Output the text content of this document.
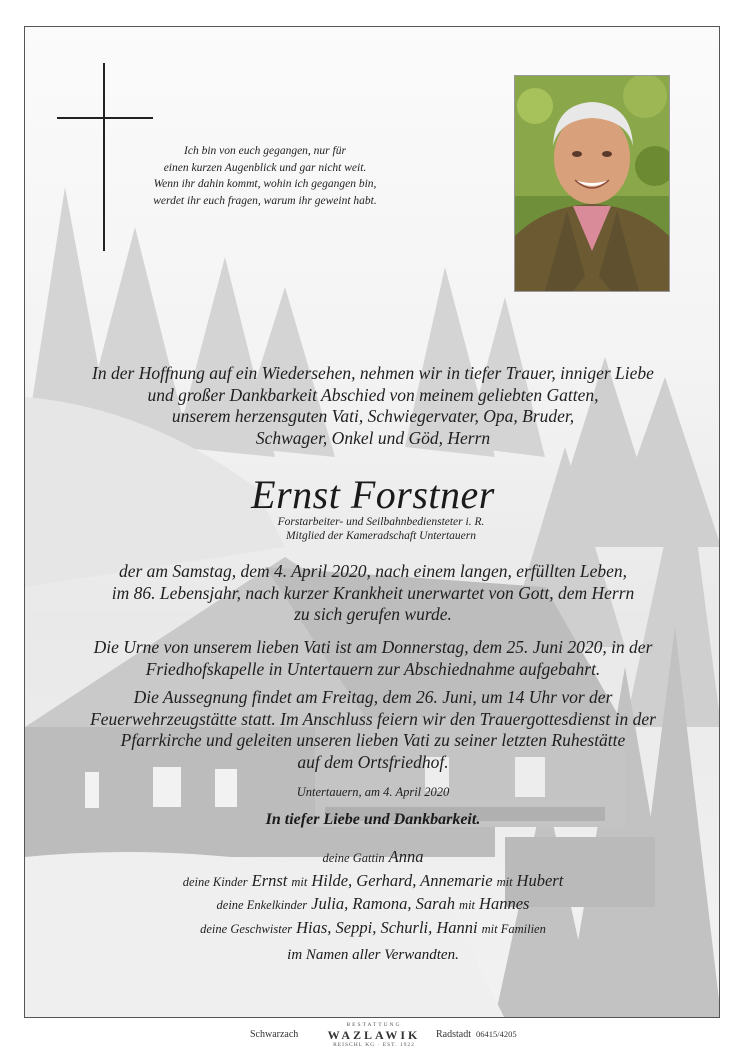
Ich bin von euch gegangen, nur für
einen kurzen Augenblick und gar nicht weit.
Wenn ihr dahin kommt, wohin ich gegangen bin,
werdet ihr euch fragen, warum ihr geweint habt.
In der Hoffnung auf ein Wiedersehen, nehmen wir in tiefer Trauer, inniger Liebe
und großer Dankbarkeit Abschied von meinem geliebten Gatten,
unserem herzensguten Vati, Schwiegervater, Opa, Bruder,
Schwager, Onkel und Göd, Herrn
Ernst Forstner
Forstarbeiter- und Seilbahnbediensteter i. R.
Mitglied der Kameradschaft Untertauern
der am Samstag, dem 4. April 2020, nach einem langen, erfüllten Leben,
im 86. Lebensjahr, nach kurzer Krankheit unerwartet von Gott, dem Herrn
zu sich gerufen wurde.
Die Urne von unserem lieben Vati ist am Donnerstag, dem 25. Juni 2020, in der
Friedhofskapelle in Untertauern zur Abschiednahme aufgebahrt.
Die Aussegnung findet am Freitag, dem 26. Juni, um 14 Uhr vor der
Feuerwehrzeugstätte statt. Im Anschluss feiern wir den Trauergottesdienst in der
Pfarrkirche und geleiten unseren lieben Vati zu seiner letzten Ruhestätte
auf dem Ortsfriedhof.
Untertauern, am 4. April 2020
In tiefer Liebe und Dankbarkeit.
deine Gattin Anna
deine Kinder Ernst mit Hilde, Gerhard, Annemarie mit Hubert
deine Enkelkinder Julia, Ramona, Sarah mit Hannes
deine Geschwister Hias, Seppi, Schurli, Hanni mit Familien
im Namen aller Verwandten.
Schwarzach
BESTATTUNG
WAZLAWIK
REISCHL KG · EST. 1922
Radstadt 06415/4205
